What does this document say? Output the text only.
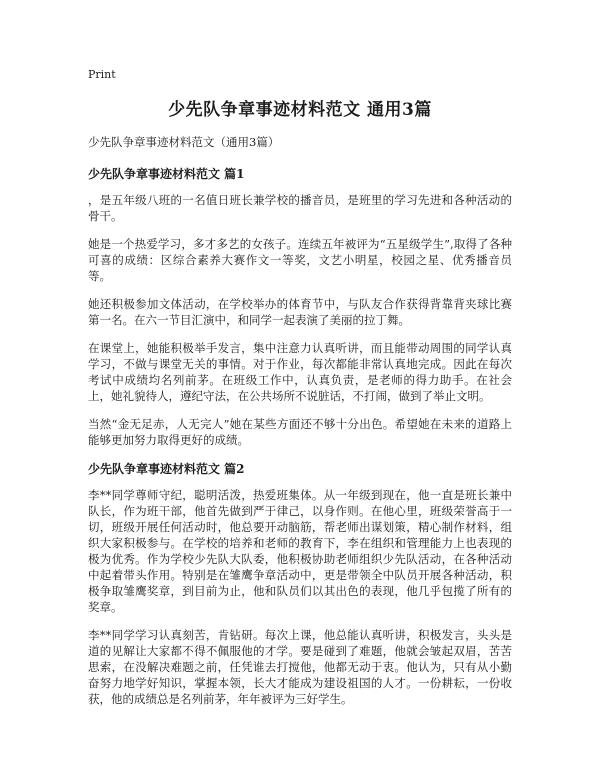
Print
少先队争章事迹材料范文 通用3篇
少先队争章事迹材料范文（通用3篇）
少先队争章事迹材料范文 篇1

，是五年级八班的一名值日班长兼学校的播音员，是班里的学习先进和各种活动的骨干。

她是一个热爱学习，多才多艺的女孩子。连续五年被评为“五星级学生”,取得了各种可喜的成绩：区综合素养大赛作文一等奖，文艺小明星，校园之星、优秀播音员等。

她还积极参加文体活动，在学校举办的体育节中，与队友合作获得背靠背夹球比赛第一名。在六一节目汇演中，和同学一起表演了美丽的拉丁舞。

在课堂上，她能积极举手发言，集中注意力认真听讲，而且能带动周围的同学认真学习，不做与课堂无关的事情。对于作业，每次都能非常认真地完成。因此在每次考试中成绩均名列前茅。在班级工作中，认真负责，是老师的得力助手。在社会上，她礼貌待人，遵纪守法，在公共场所不说脏话，不打闹，做到了举止文明。

当然“金无足赤，人无完人”她在某些方面还不够十分出色。希望她在未来的道路上能够更加努力取得更好的成绩。

少先队争章事迹材料范文 篇2

李**同学尊师守纪，聪明活泼，热爱班集体。从一年级到现在，他一直是班长兼中队长，作为班干部，他首先做到严于律己，以身作则。在他心里，班级荣誉高于一切，班级开展任何活动时，他总要开动脑筋，帮老师出谋划策，精心制作材料，组织大家积极参与。在学校的培养和老师的教育下，李在组织和管理能力上也表现的极为优秀。作为学校少先队大队委，他积极协助老师组织少先队活动，在各种活动中起着带头作用。特别是在雏鹰争章活动中，更是带领全中队员开展各种活动，积极争取雏鹰奖章，到目前为止，他和队员们以其出色的表现，他几乎包揽了所有的奖章。

李**同学学习认真刻苦，肯钻研。每次上课，他总能认真听讲，积极发言，头头是道的见解让大家都不得不佩服他的才学。要是碰到了难题，他就会皱起双眉，苦苦思索，在没解决难题之前，任凭谁去打搅他，他都无动于衷。他认为，只有从小勤奋努力地学好知识，掌握本领，长大才能成为建设祖国的人才。一份耕耘，一份收获，他的成绩总是名列前茅，年年被评为三好学生。
